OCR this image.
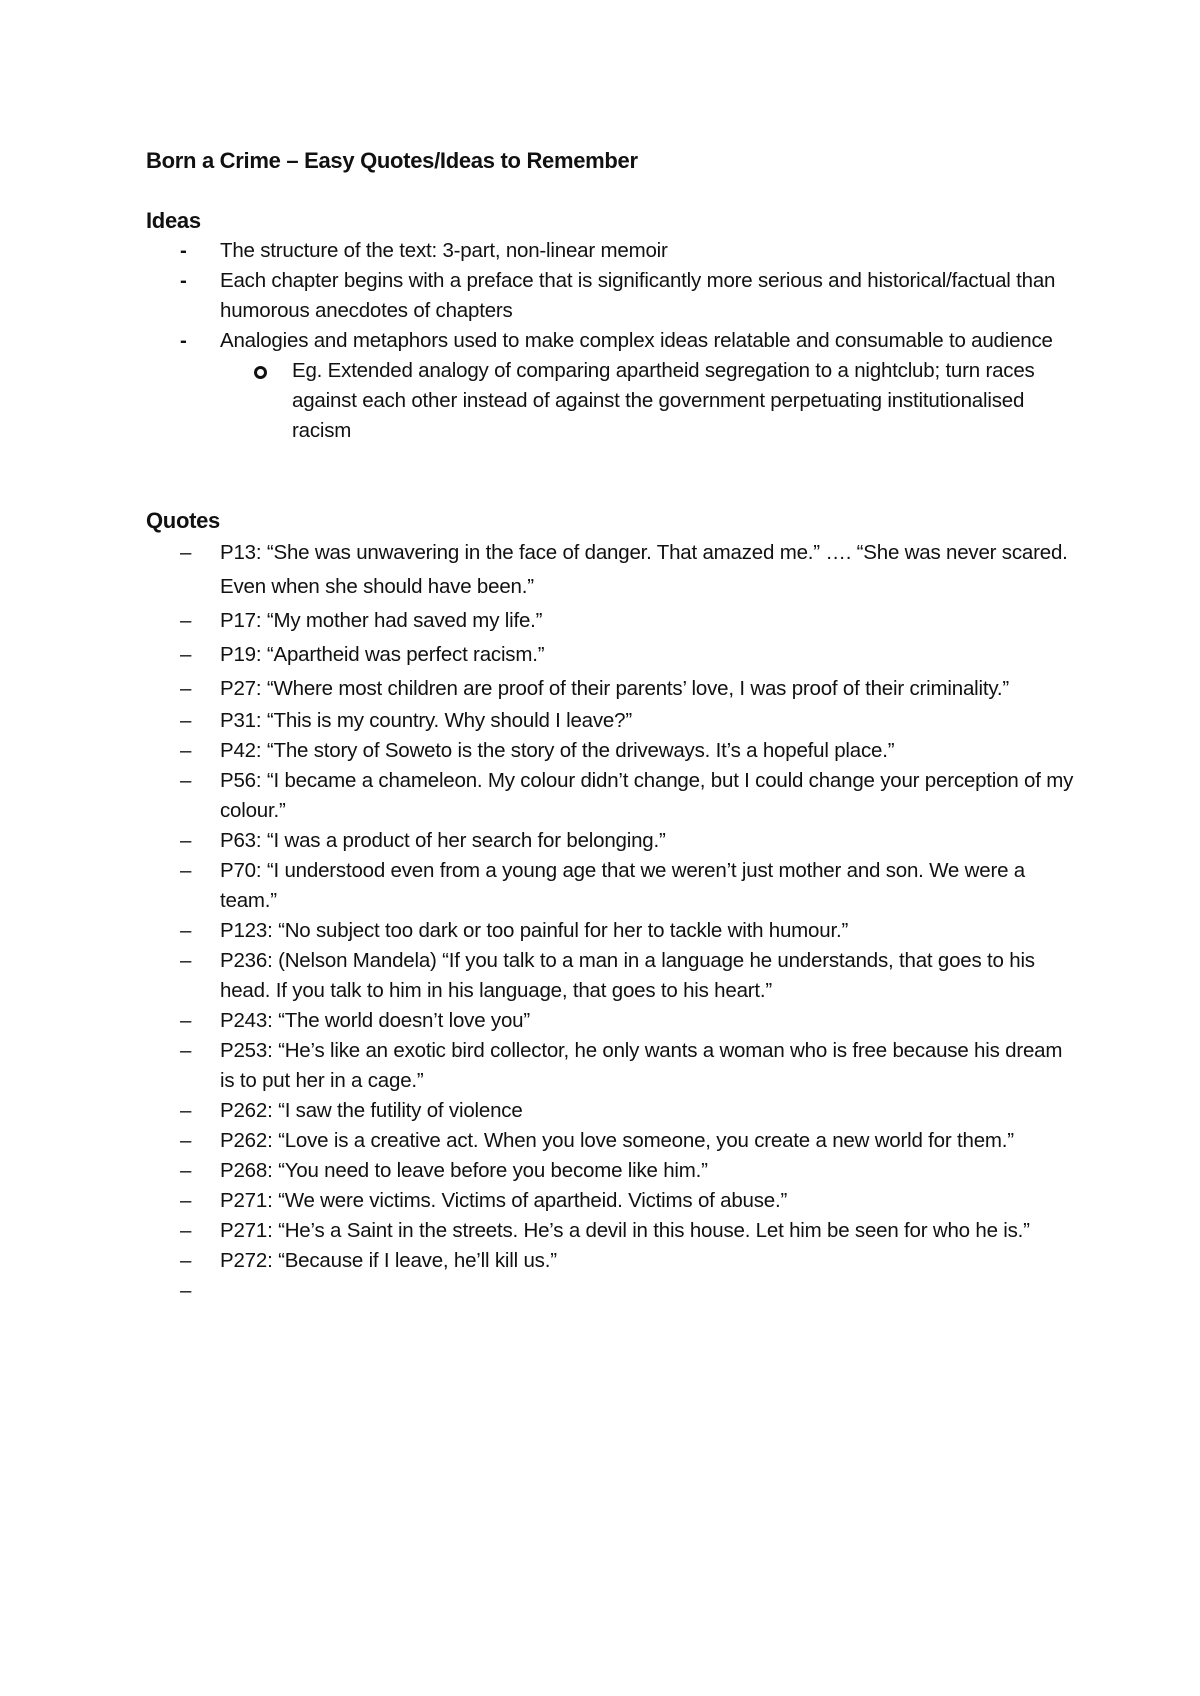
Born a Crime – Easy Quotes/Ideas to Remember
Ideas
- The structure of the text: 3-part, non-linear memoir
- Each chapter begins with a preface that is significantly more serious and historical/factual than humorous anecdotes of chapters
- Analogies and metaphors used to make complex ideas relatable and consumable to audience
Eg. Extended analogy of comparing apartheid segregation to a nightclub; turn races against each other instead of against the government perpetuating institutionalised racism
Quotes
– P13: “She was unwavering in the face of danger. That amazed me.” …. “She was never scared. Even when she should have been.”
– P17: “My mother had saved my life.”
– P19: “Apartheid was perfect racism.”
– P27: “Where most children are proof of their parents’ love, I was proof of their criminality.”
– P31: “This is my country. Why should I leave?”
– P42: “The story of Soweto is the story of the driveways. It’s a hopeful place.”
– P56: “I became a chameleon. My colour didn’t change, but I could change your perception of my colour.”
– P63: “I was a product of her search for belonging.”
– P70: “I understood even from a young age that we weren’t just mother and son. We were a team.”
– P123: “No subject too dark or too painful for her to tackle with humour.”
– P236: (Nelson Mandela) “If you talk to a man in a language he understands, that goes to his head. If you talk to him in his language, that goes to his heart.”
– P243: “The world doesn’t love you”
– P253: “He’s like an exotic bird collector, he only wants a woman who is free because his dream is to put her in a cage.”
– P262: “I saw the futility of violence
– P262: “Love is a creative act. When you love someone, you create a new world for them.”
– P268: “You need to leave before you become like him.”
– P271: “We were victims. Victims of apartheid. Victims of abuse.”
– P271: “He’s a Saint in the streets. He’s a devil in this house. Let him be seen for who he is.”
– P272: “Because if I leave, he’ll kill us.”
–
